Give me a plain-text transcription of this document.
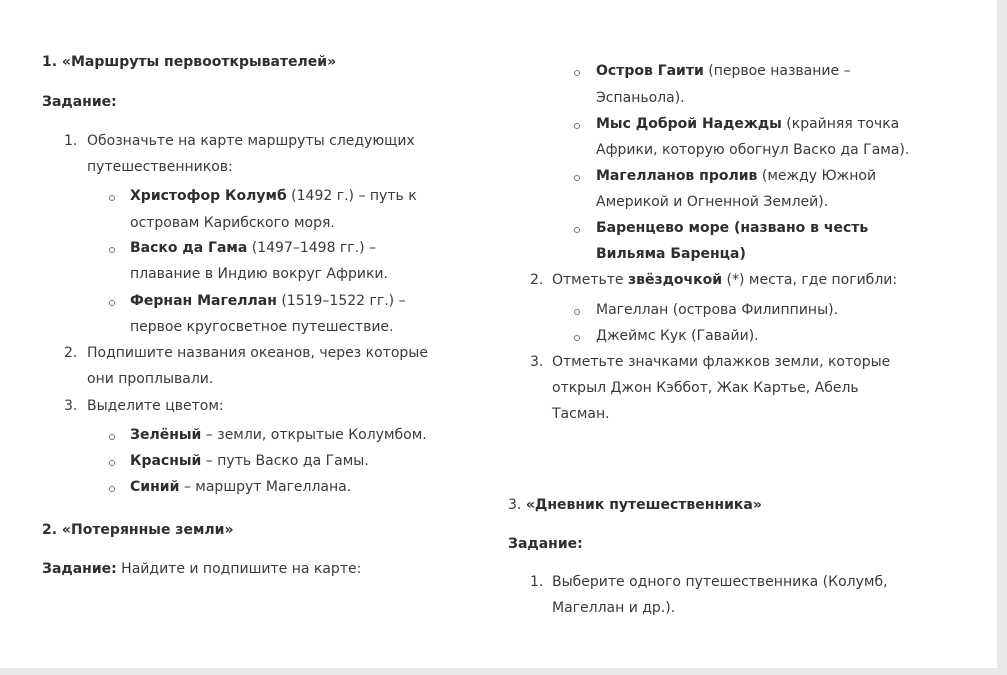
1. «Маршруты первооткрывателей»
Задание:
1. Обозначьте на карте маршруты следующих
путешественников:
Христофор Колумб (1492 г.) – путь к
островам Карибского моря.
Васко да Гама (1497–1498 гг.) –
плавание в Индию вокруг Африки.
Фернан Магеллан (1519–1522 гг.) –
первое кругосветное путешествие.
2. Подпишите названия океанов, через которые
они проплывали.
3. Выделите цветом:
Зелёный – земли, открытые Колумбом.
Красный – путь Васко да Гамы.
Синий – маршрут Магеллана.
2. «Потерянные земли»
Задание: Найдите и подпишите на карте:
Остров Гаити (первое название –
Эспаньола).
Мыс Доброй Надежды (крайняя точка
Африки, которую обогнул Васко да Гама).
Магелланов пролив (между Южной
Америкой и Огненной Землей).
Баренцево море (названо в честь
Вильяма Баренца)
2. Отметьте звёздочкой (*) места, где погибли:
Магеллан (острова Филиппины).
Джеймс Кук (Гавайи).
3. Отметьте значками флажков земли, которые
открыл Джон Кэббот, Жак Картье, Абель
Тасман.
3. «Дневник путешественника»
Задание:
1. Выберите одного путешественника (Колумб,
Магеллан и др.).
